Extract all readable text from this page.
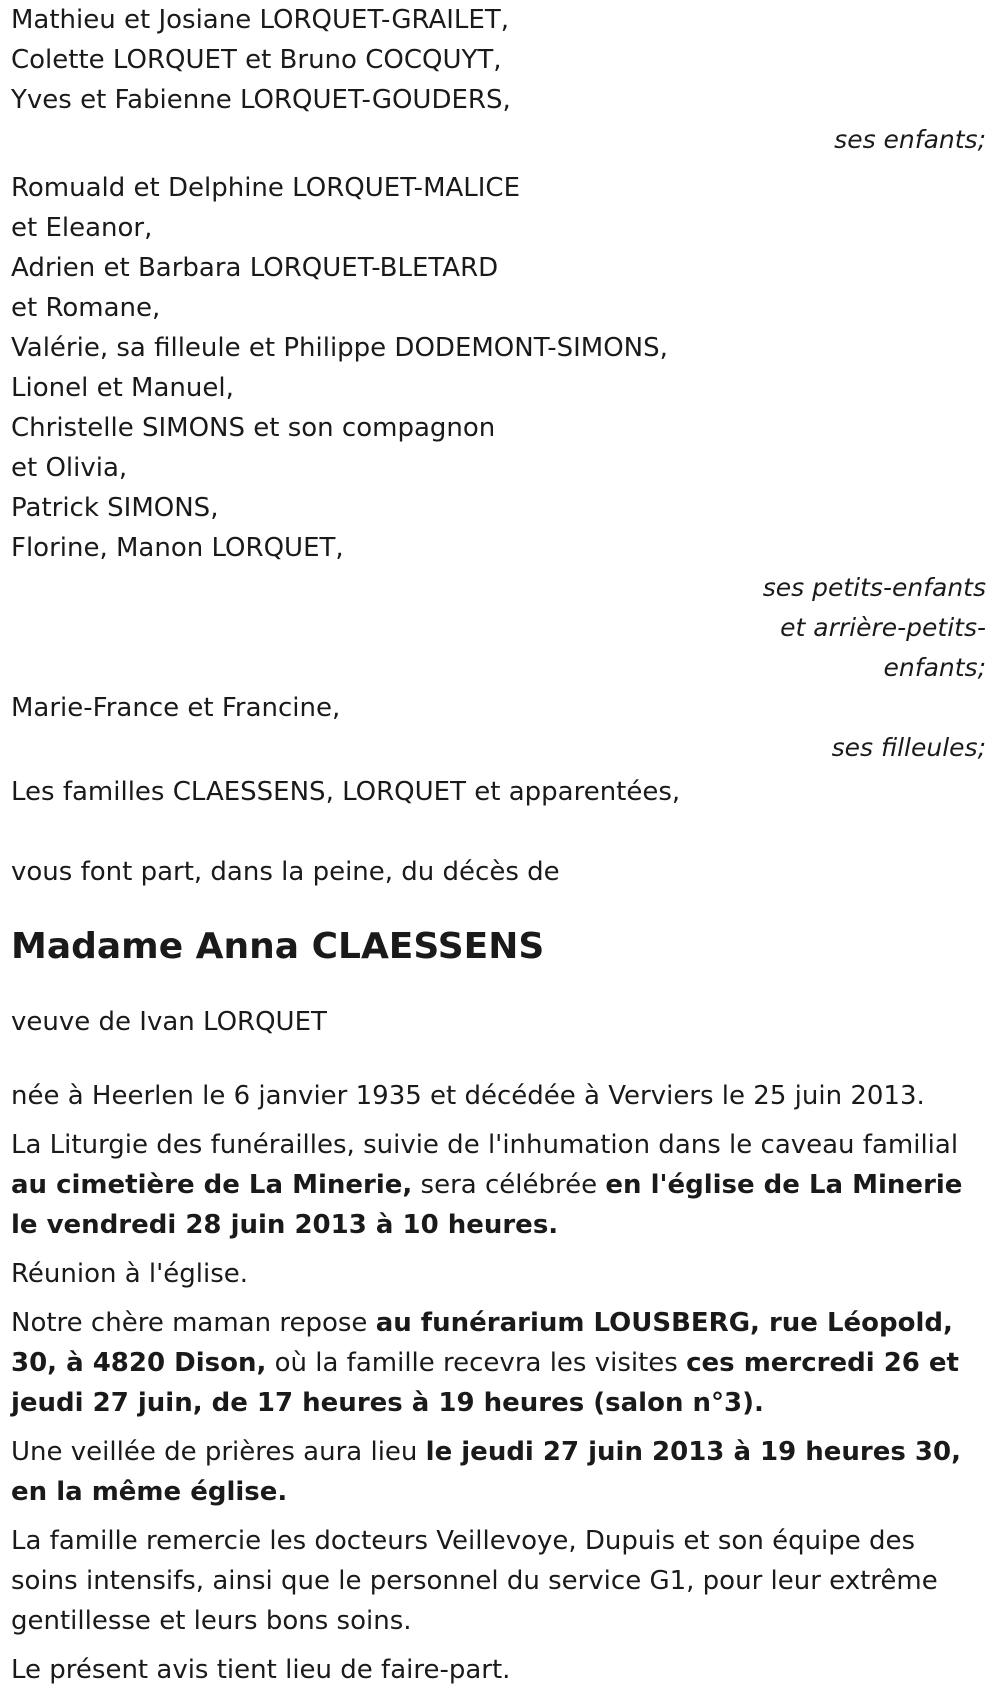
Mathieu et Josiane LORQUET-GRAILET,
Colette LORQUET et Bruno COCQUYT,
Yves et Fabienne LORQUET-GOUDERS,
ses enfants;
Romuald et Delphine LORQUET-MALICE
et Eleanor,
Adrien et Barbara LORQUET-BLETARD
et Romane,
Valérie, sa filleule et Philippe DODEMONT-SIMONS,
Lionel et Manuel,
Christelle SIMONS et son compagnon
et Olivia,
Patrick SIMONS,
Florine, Manon LORQUET,
ses petits-enfants
et arrière-petits-
enfants;
Marie-France et Francine,
ses filleules;
Les familles CLAESSENS, LORQUET et apparentées,
vous font part, dans la peine, du décès de
Madame Anna CLAESSENS
veuve de Ivan LORQUET
née à Heerlen le 6 janvier 1935 et décédée à Verviers le 25 juin 2013.

La Liturgie des funérailles, suivie de l'inhumation dans le caveau familial au cimetière de La Minerie, sera célébrée en l'église de La Minerie le vendredi 28 juin 2013 à 10 heures.

Réunion à l'église.

Notre chère maman repose au funérarium LOUSBERG, rue Léopold, 30, à 4820 Dison, où la famille recevra les visites ces mercredi 26 et jeudi 27 juin, de 17 heures à 19 heures (salon n°3).

Une veillée de prières aura lieu le jeudi 27 juin 2013 à 19 heures 30, en la même église.

La famille remercie les docteurs Veillevoye, Dupuis et son équipe des soins intensifs, ainsi que le personnel du service G1, pour leur extrême gentillesse et leurs bons soins.

Le présent avis tient lieu de faire-part.
